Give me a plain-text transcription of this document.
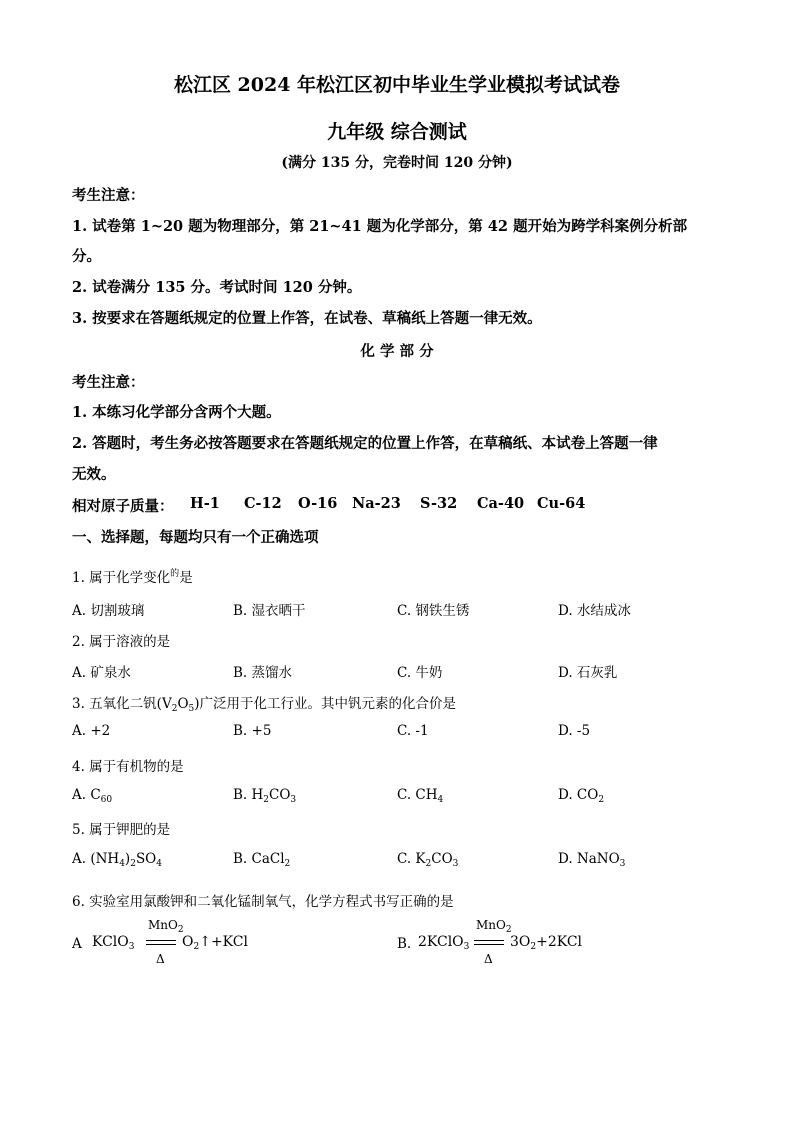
松江区 2024 年松江区初中毕业生学业模拟考试试卷
九年级 综合测试
(满分 135 分，完卷时间 120 分钟)
考生注意：
1. 试卷第 1~20 题为物理部分，第 21~41 题为化学部分，第 42 题开始为跨学科案例分析部
分。
2. 试卷满分 135 分。考试时间 120 分钟。
3. 按要求在答题纸规定的位置上作答，在试卷、草稿纸上答题一律无效。
化 学 部 分
考生注意：
1. 本练习化学部分含两个大题。
2. 答题时，考生务必按答题要求在答题纸规定的位置上作答，在草稿纸、本试卷上答题一律
无效。
相对原子质量： H-1 C-12 O-16 Na-23 S-32 Ca-40 Cu-64
一、选择题，每题均只有一个正确选项
1. 属于化学变化$^的$是
A. 切割玻璃	B. 湿衣晒干	C. 钢铁生锈	D. 水结成冰
2. 属于溶液的是
A. 矿泉水	B. 蒸馏水	C. 牛奶	D. 石灰乳
3. 五氧化二钒$(V_2O_5)$广泛用于化工行业。其中钒元素的化合价是
A. +2	B. +5	C. -1	D. -5
4. 属于有机物的是
A. $C_{60}$	B. $H_2CO_3$	C. $CH_4$	D. $CO_2$
5. 属于钾肥的是
A. $(NH_4)_2SO_4$	B. CaCl$_2$	C. $K_2CO_3$	D. NaNO$_3$
6. 实验室用氯酸钾和二氧化锰制氧气，化学方程式书写正确的是
A KClO$_3$
MnO$_2$
Δ
$O_2↑+KCl$	B. 2KClO$_3$
MnO$_2$
Δ
$3O_2+2KCl$
